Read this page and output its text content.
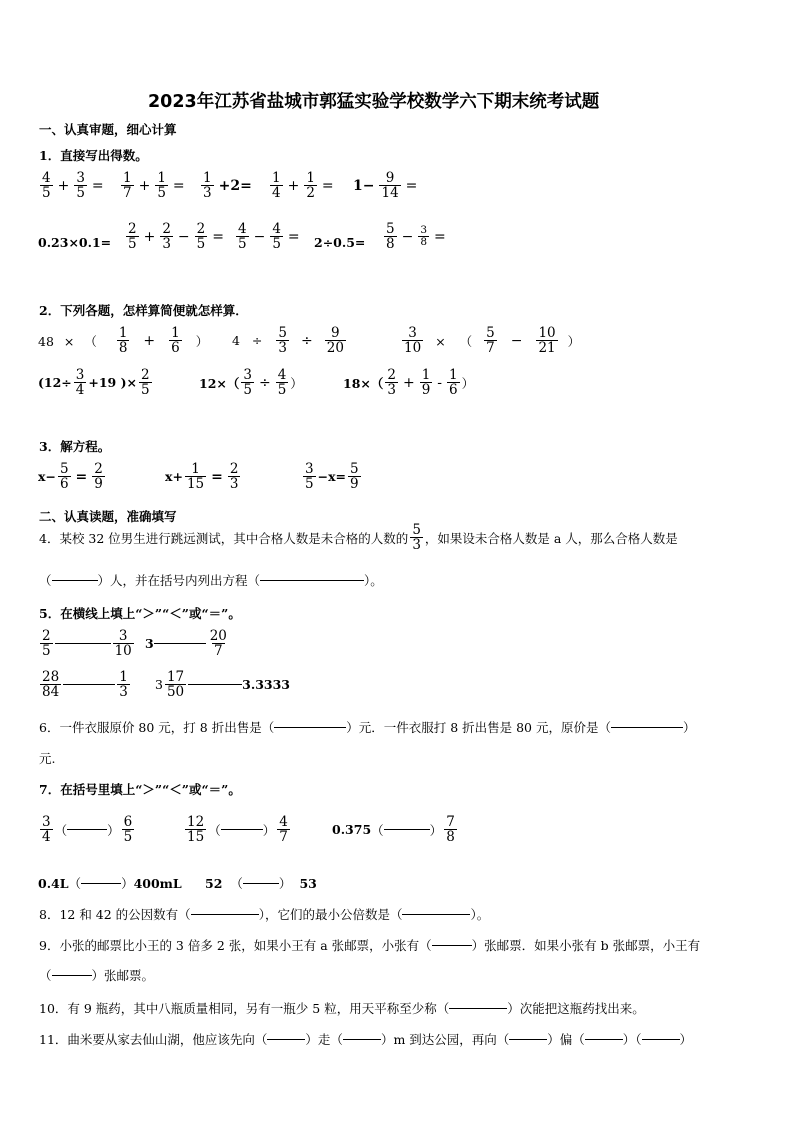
2023年江苏省盐城市郭猛实验学校数学六下期末统考试题
一、认真审题，细心计算
1．直接写出得数。
$\frac{4}{5} + \frac{3}{5} = \frac{1}{7} + \frac{1}{5} = \frac{1}{3} +2= \frac{1}{4} + \frac{1}{2} = 1- \frac{9}{14}$ =
$0.23\times 0.1= \frac{2}{5} + \frac{2}{3} - \frac{2}{5} = \frac{4}{5} - \frac{4}{5} = 2\div 0.5= \frac{5}{8} - \frac{3}{8}$ =
2．下列各题，怎样算简便就怎样算．
48 × （ $\frac{1}{8} + \frac{1}{6}$ ） $4 \div \frac{5}{3} \div \frac{9}{20}$	$\frac{3}{10}$ × （ $\frac{5}{7} - \frac{10}{21}$ ）
($12\div \frac{3}{4} +19$ )× $\frac{2}{5}$	$12\times( \frac{3}{5} \div \frac{4}{5}$ ）	$18\times( \frac{2}{3} + \frac{1}{9} - \frac{1}{6}$ ）
3．解方程。
$x- \frac{5}{6} = \frac{2}{9}$	$x+ \frac{1}{15} = \frac{2}{3}$	$\frac{3}{5} -x= \frac{5}{9}$
二、认真读题，准确填写
4．某校 32 位男生进行跳远测试，其中合格人数是未合格的人数的 $\frac{5}{3}$ ，如果设未合格人数是 a 人，那么合格人数是
（	）人，并在括号内列出方程（	）。
5．在横线上填上“＞”“＜”或“＝”。
$\frac{2}{5}$	$\frac{3}{10} 3$	$\frac{20}{7}$
$\frac{28}{84}$	$\frac{1}{3} 3 \frac{17}{50}$	3.3333
6．一件衣服原价 80 元，打 8 折出售是（	）元．一件衣服打 8 折出售是 80 元，原价是（	）
元.
7．在括号里填上“＞”“＜”或“＝”。
$\frac{3}{4}$ （	） $\frac{6}{5}$	$\frac{12}{15}$ （	） $\frac{4}{7}$	0.375 （	） $\frac{7}{8}$
0.4L （	） 400mL 52 （	） 53
8．12 和 42 的公因数有（	），它们的最小公倍数是（	）。
9．小张的邮票比小王的 3 倍多 2 张，如果小王有 a 张邮票，小张有（	）张邮票．如果小张有 b 张邮票，小王有
（	）张邮票。
10．有 9 瓶药，其中八瓶质量相同，另有一瓶少 5 粒，用天平称至少称（	）次能把这瓶药找出来。
11．曲米要从家去仙山湖，他应该先向（	）走（	）m 到达公园，再向（	）偏（	）（	）
